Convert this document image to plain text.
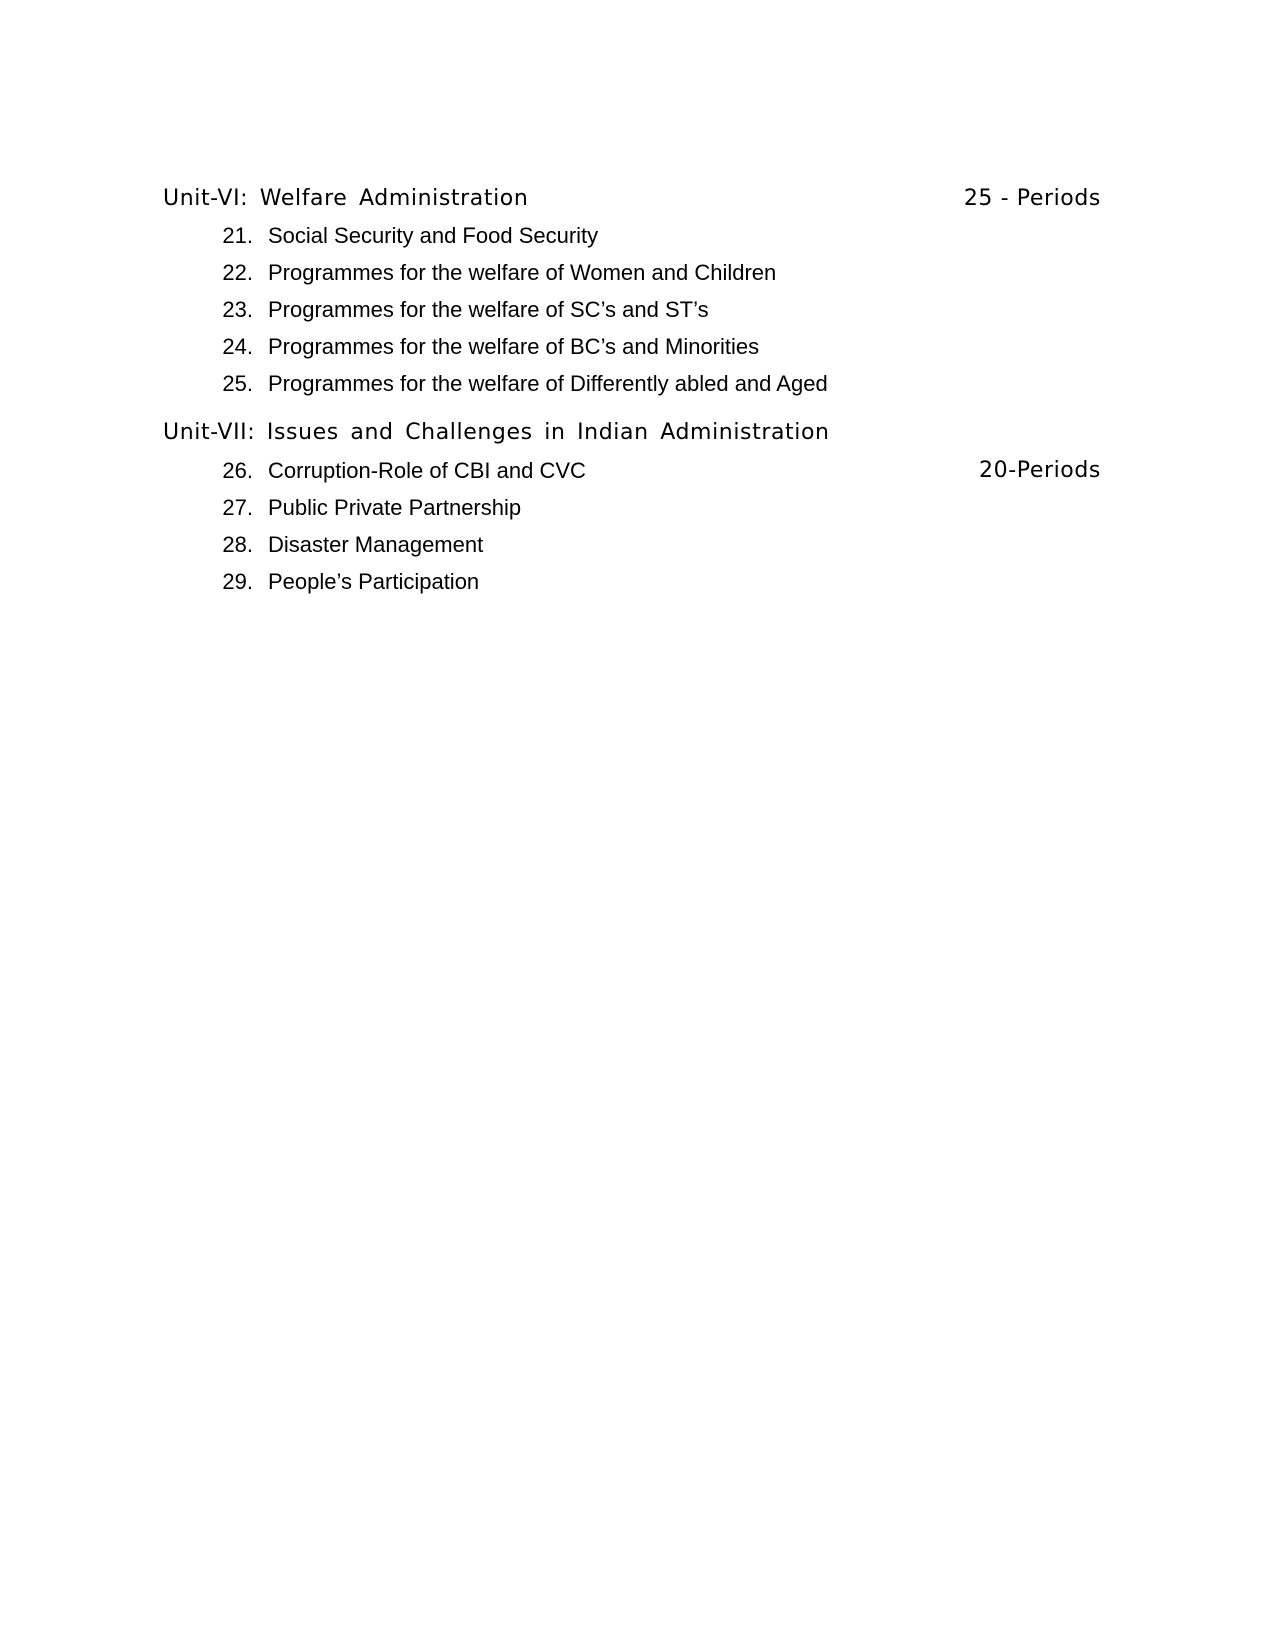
Unit-VI: Welfare Administration	25 - Periods
21. Social Security and Food Security
22. Programmes for the welfare of Women and Children
23. Programmes for the welfare of SC’s and ST’s
24. Programmes for the welfare of BC’s and Minorities
25. Programmes for the welfare of Differently abled and Aged
Unit-VII: Issues and Challenges in Indian Administration
20-Periods
26. Corruption-Role of CBI and CVC
27. Public Private Partnership
28. Disaster Management
29. People’s Participation
